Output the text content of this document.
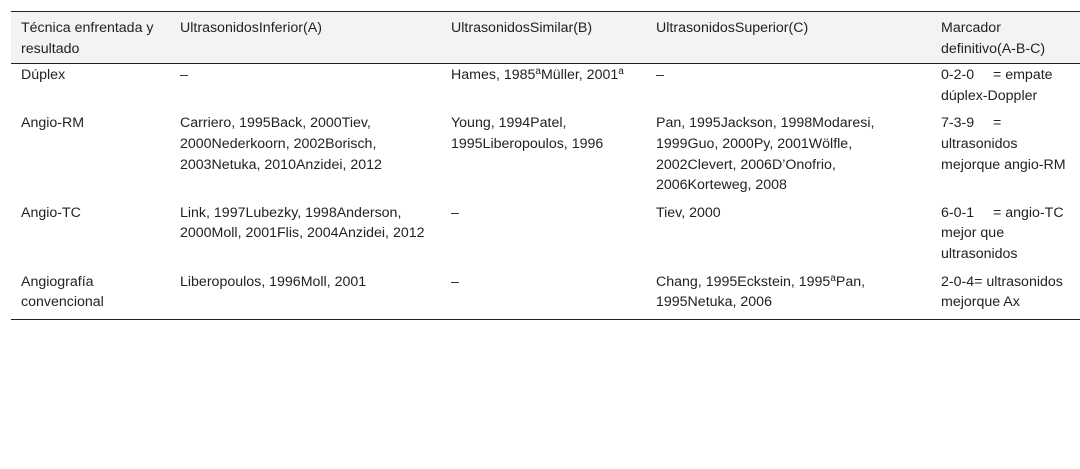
Técnica enfrentada y resultado	UltrasonidosInferior(A)	UltrasonidosSimilar(B)	UltrasonidosSuperior(C)	Marcador definitivo(A-B-C)
Dúplex	–	Hames, 1985$^a$Müller, 2001$^a$	–	0-2-0 = empate dúplex-Doppler
Angio-RM	Carriero, 1995Back, 2000Tiev, 2000Nederkoorn, 2002Borisch, 2003Netuka, 2010Anzidei, 2012	Young, 1994Patel, 1995Liberopoulos, 1996	Pan, 1995Jackson, 1998Modaresi, 1999Guo, 2000Py, 2001Wölfle, 2002Clevert, 2006D’Onofrio, 2006Korteweg, 2008	7-3-9 = ultrasonidos mejorque angio-RM
Angio-TC	Link, 1997Lubezky, 1998Anderson, 2000Moll, 2001Flis, 2004Anzidei, 2012	–	Tiev, 2000	6-0-1 = angio-TC mejor que ultrasonidos
Angiografía convencional	Liberopoulos, 1996Moll, 2001	–	Chang, 1995Eckstein, 1995$^a$Pan, 1995Netuka, 2006	2-0-4= ultrasonidos mejorque Ax
